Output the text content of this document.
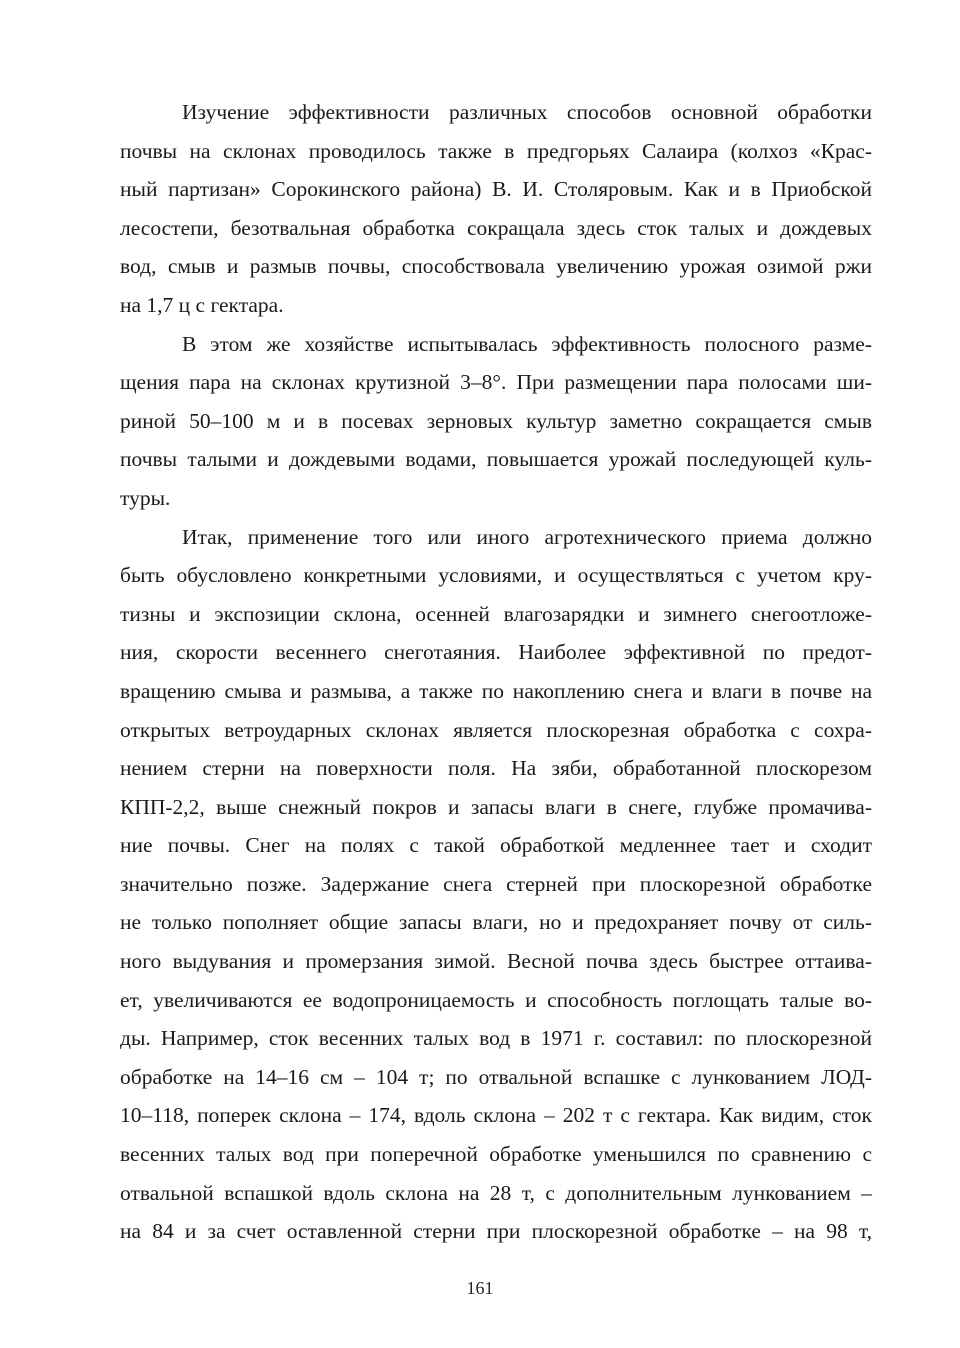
Изучение эффективности различных способов основной обработки
почвы на склонах проводилось также в предгорьях Салаира (колхоз «Крас-
ный партизан» Сорокинского района) В. И. Столяровым. Как и в Приобской
лесостепи, безотвальная обработка сокращала здесь сток талых и дождевых
вод, смыв и размыв почвы, способствовала увеличению урожая озимой ржи
на 1,7 ц с гектара.

В этом же хозяйстве испытывалась эффективность полосного разме-
щения пара на склонах крутизной 3–8°. При размещении пара полосами ши-
риной 50–100 м и в посевах зерновых культур заметно сокращается смыв
почвы талыми и дождевыми водами, повышается урожай последующей куль-
туры.

Итак, применение того или иного агротехнического приема должно
быть обусловлено конкретными условиями, и осуществляться с учетом кру-
тизны и экспозиции склона, осенней влагозарядки и зимнего снегоотложе-
ния, скорости весеннего снеготаяния. Наиболее эффективной по предот-
вращению смыва и размыва, а также по накоплению снега и влаги в почве на
открытых ветроударных склонах является плоскорезная обработка с сохра-
нением стерни на поверхности поля. На зяби, обработанной плоскорезом
КПП-2,2, выше снежный покров и запасы влаги в снеге, глубже промачива-
ние почвы. Снег на полях с такой обработкой медленнее тает и сходит
значительно позже. Задержание снега стерней при плоскорезной обработке
не только пополняет общие запасы влаги, но и предохраняет почву от силь-
ного выдувания и промерзания зимой. Весной почва здесь быстрее оттаива-
ет, увеличиваются ее водопроницаемость и способность поглощать талые во-
ды. Например, сток весенних талых вод в 1971 г. составил: по плоскорезной
обработке на 14–16 см – 104 т; по отвальной вспашке с лункованием ЛОД-
10–118, поперек склона – 174, вдоль склона – 202 т с гектара. Как видим, сток
весенних талых вод при поперечной обработке уменьшился по сравнению с
отвальной вспашкой вдоль склона на 28 т, с дополнительным лункованием –
на 84 и за счет оставленной стерни при плоскорезной обработке – на 98 т,

161
